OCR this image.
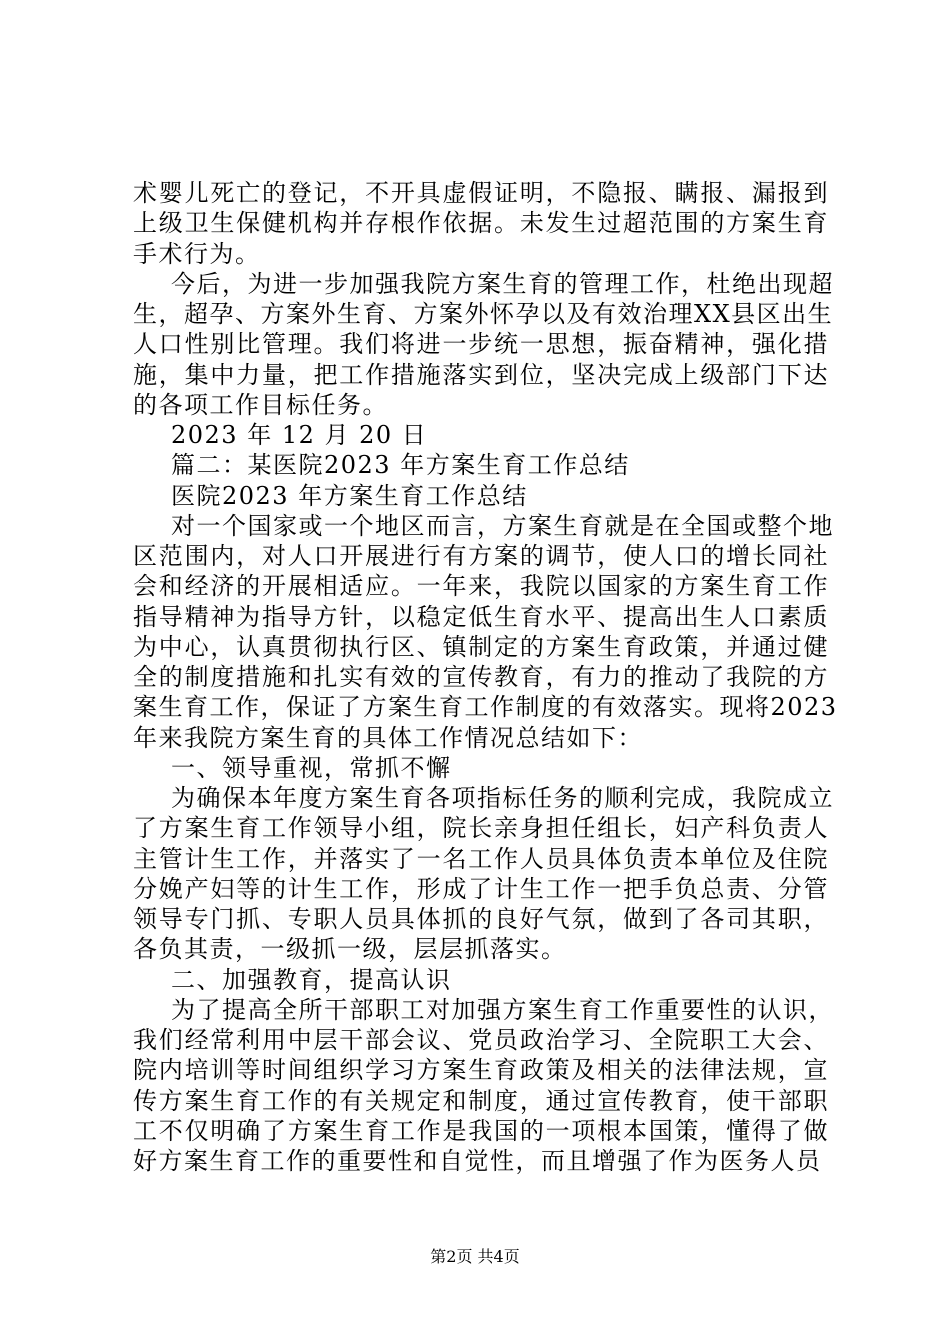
术婴儿死亡的登记，不开具虚假证明，不隐报、瞒报、漏报到
上级卫生保健机构并存根作依据。未发生过超范围的方案生育
手术行为。
今后，为进一步加强我院方案生育的管理工作，杜绝出现超
生，超孕、方案外生育、方案外怀孕以及有效治理XX县区出生
人口性别比管理。我们将进一步统一思想，振奋精神，强化措
施，集中力量，把工作措施落实到位，坚决完成上级部门下达
的各项工作目标任务。
2023 年 12 月 20 日
篇二：某医院2023 年方案生育工作总结
医院2023 年方案生育工作总结
对一个国家或一个地区而言，方案生育就是在全国或整个地
区范围内，对人口开展进行有方案的调节，使人口的增长同社
会和经济的开展相适应。一年来，我院以国家的方案生育工作
指导精神为指导方针，以稳定低生育水平、提高出生人口素质
为中心，认真贯彻执行区、镇制定的方案生育政策，并通过健
全的制度措施和扎实有效的宣传教育，有力的推动了我院的方
案生育工作，保证了方案生育工作制度的有效落实。现将2023
年来我院方案生育的具体工作情况总结如下：
一、领导重视，常抓不懈
为确保本年度方案生育各项指标任务的顺利完成，我院成立
了方案生育工作领导小组，院长亲身担任组长，妇产科负责人
主管计生工作，并落实了一名工作人员具体负责本单位及住院
分娩产妇等的计生工作，形成了计生工作一把手负总责、分管
领导专门抓、专职人员具体抓的良好气氛，做到了各司其职，
各负其责，一级抓一级，层层抓落实。
二、加强教育，提高认识
为了提高全所干部职工对加强方案生育工作重要性的认识，
我们经常利用中层干部会议、党员政治学习、全院职工大会、
院内培训等时间组织学习方案生育政策及相关的法律法规，宣
传方案生育工作的有关规定和制度，通过宣传教育，使干部职
工不仅明确了方案生育工作是我国的一项根本国策，懂得了做
好方案生育工作的重要性和自觉性，而且增强了作为医务人员
第2页 共4页
